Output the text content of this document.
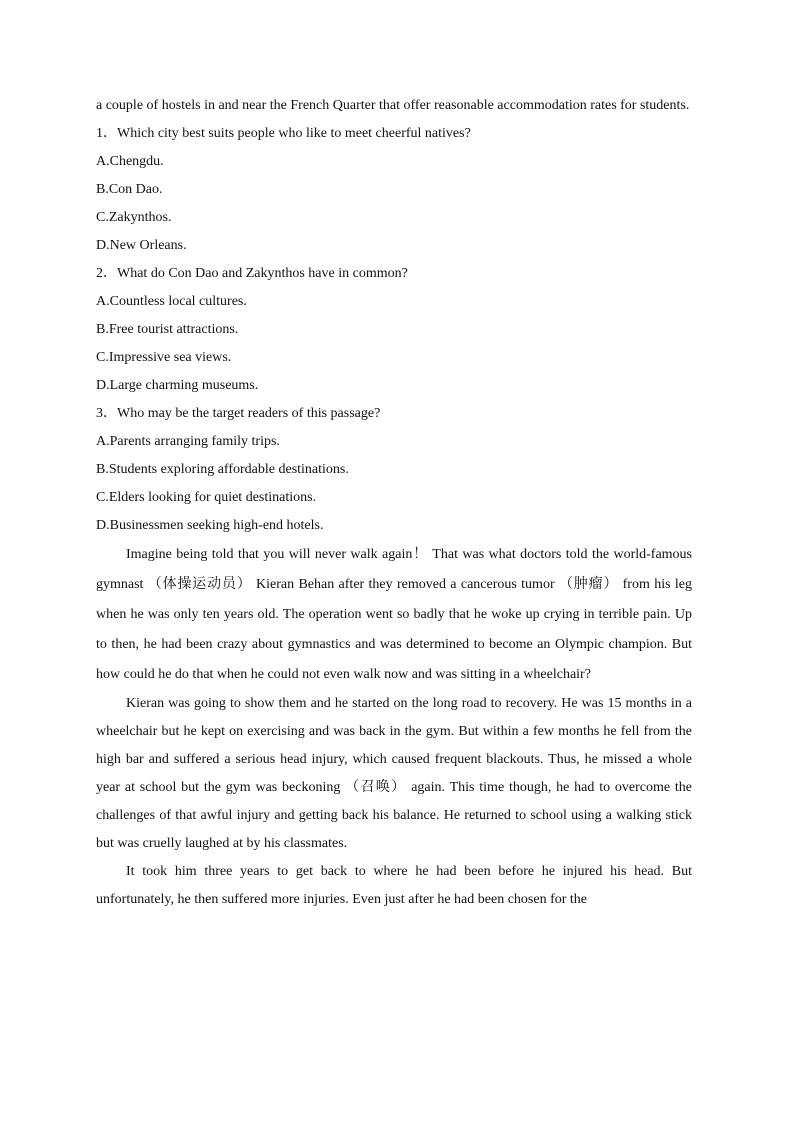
a couple of hostels in and near the French Quarter that offer reasonable accommodation rates for students.

1．Which city best suits people who like to meet cheerful natives?

A.Chengdu.

B.Con Dao.

C.Zakynthos.

D.New Orleans.

2．What do Con Dao and Zakynthos have in common?

A.Countless local cultures.

B.Free tourist attractions.

C.Impressive sea views.

D.Large charming museums.

3．Who may be the target readers of this passage?

A.Parents arranging family trips.

B.Students exploring affordable destinations.

C.Elders looking for quiet destinations.

D.Businessmen seeking high-end hotels.

Imagine being told that you will never walk again！ That was what doctors told the world-famous gymnast （体操运动员） Kieran Behan after they removed a cancerous tumor （肿瘤） from his leg when he was only ten years old. The operation went so badly that he woke up crying in terrible pain. Up to then, he had been crazy about gymnastics and was determined to become an Olympic champion. But how could he do that when he could not even walk now and was sitting in a wheelchair?

Kieran was going to show them and he started on the long road to recovery. He was 15 months in a wheelchair but he kept on exercising and was back in the gym. But within a few months he fell from the high bar and suffered a serious head injury, which caused frequent blackouts. Thus, he missed a whole year at school but the gym was beckoning （召唤） again. This time though, he had to overcome the challenges of that awful injury and getting back his balance. He returned to school using a walking stick but was cruelly laughed at by his classmates.

It took him three years to get back to where he had been before he injured his head. But unfortunately, he then suffered more injuries. Even just after he had been chosen for the
